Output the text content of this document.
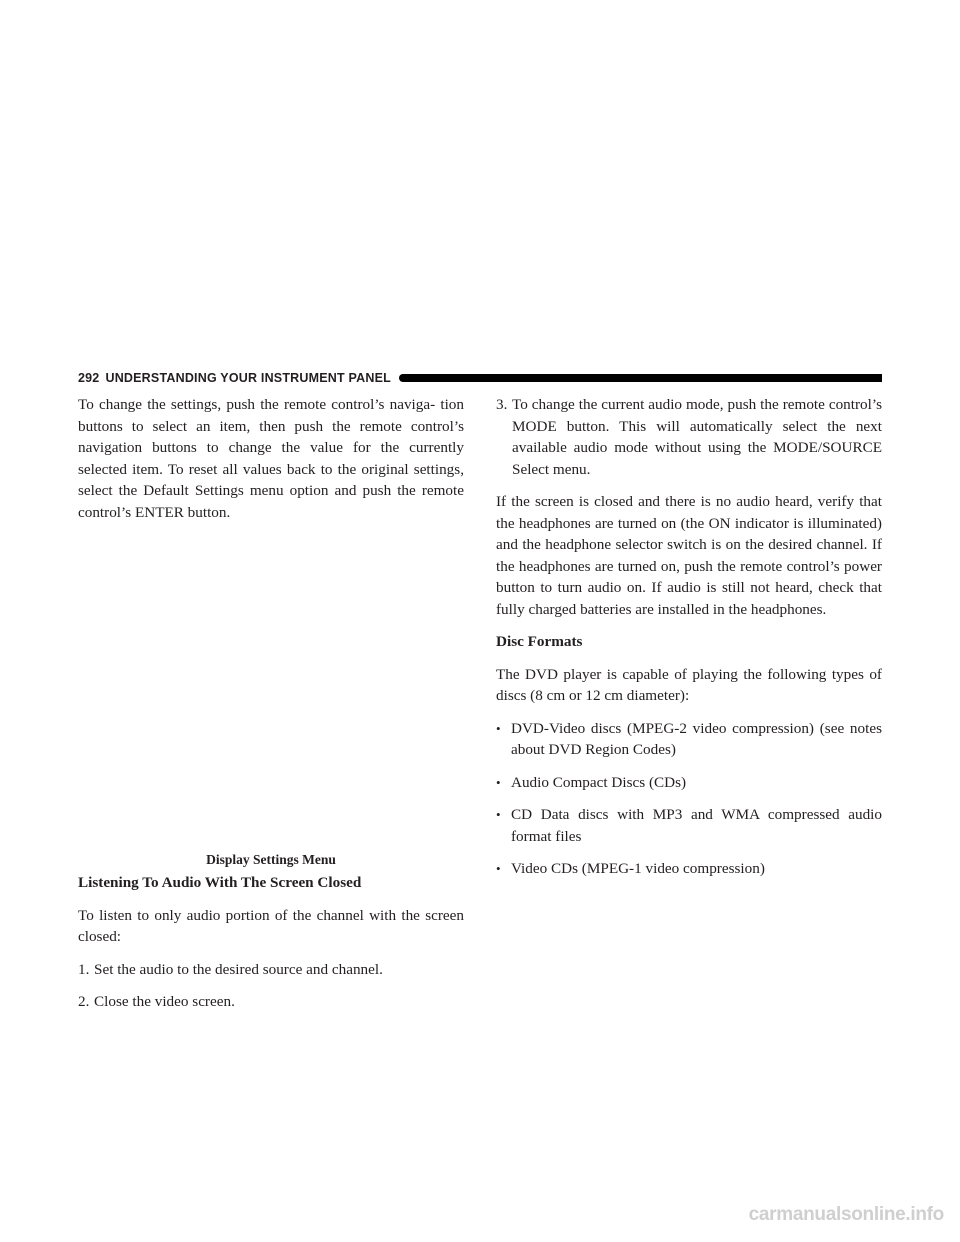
292 UNDERSTANDING YOUR INSTRUMENT PANEL

To change the settings, push the remote control’s naviga- tion buttons to select an item, then push the remote control’s navigation buttons to change the value for the currently selected item. To reset all values back to the original settings, select the Default Settings menu option and push the remote control’s ENTER button.

Display Settings Menu
Listening To Audio With The Screen Closed

To listen to only audio portion of the channel with the screen closed:

1. Set the audio to the desired source and channel.
2. Close the video screen.
3. To change the current audio mode, push the remote control’s MODE button. This will automatically select the next available audio mode without using the MODE/SOURCE Select menu.

If the screen is closed and there is no audio heard, verify that the headphones are turned on (the ON indicator is illuminated) and the headphone selector switch is on the desired channel. If the headphones are turned on, push the remote control’s power button to turn audio on. If audio is still not heard, check that fully charged batteries are installed in the headphones.

Disc Formats

The DVD player is capable of playing the following types of discs (8 cm or 12 cm diameter):

• DVD-Video discs (MPEG-2 video compression) (see notes about DVD Region Codes)
• Audio Compact Discs (CDs)
• CD Data discs with MP3 and WMA compressed audio format files
• Video CDs (MPEG-1 video compression)
carmanualsonline.info
